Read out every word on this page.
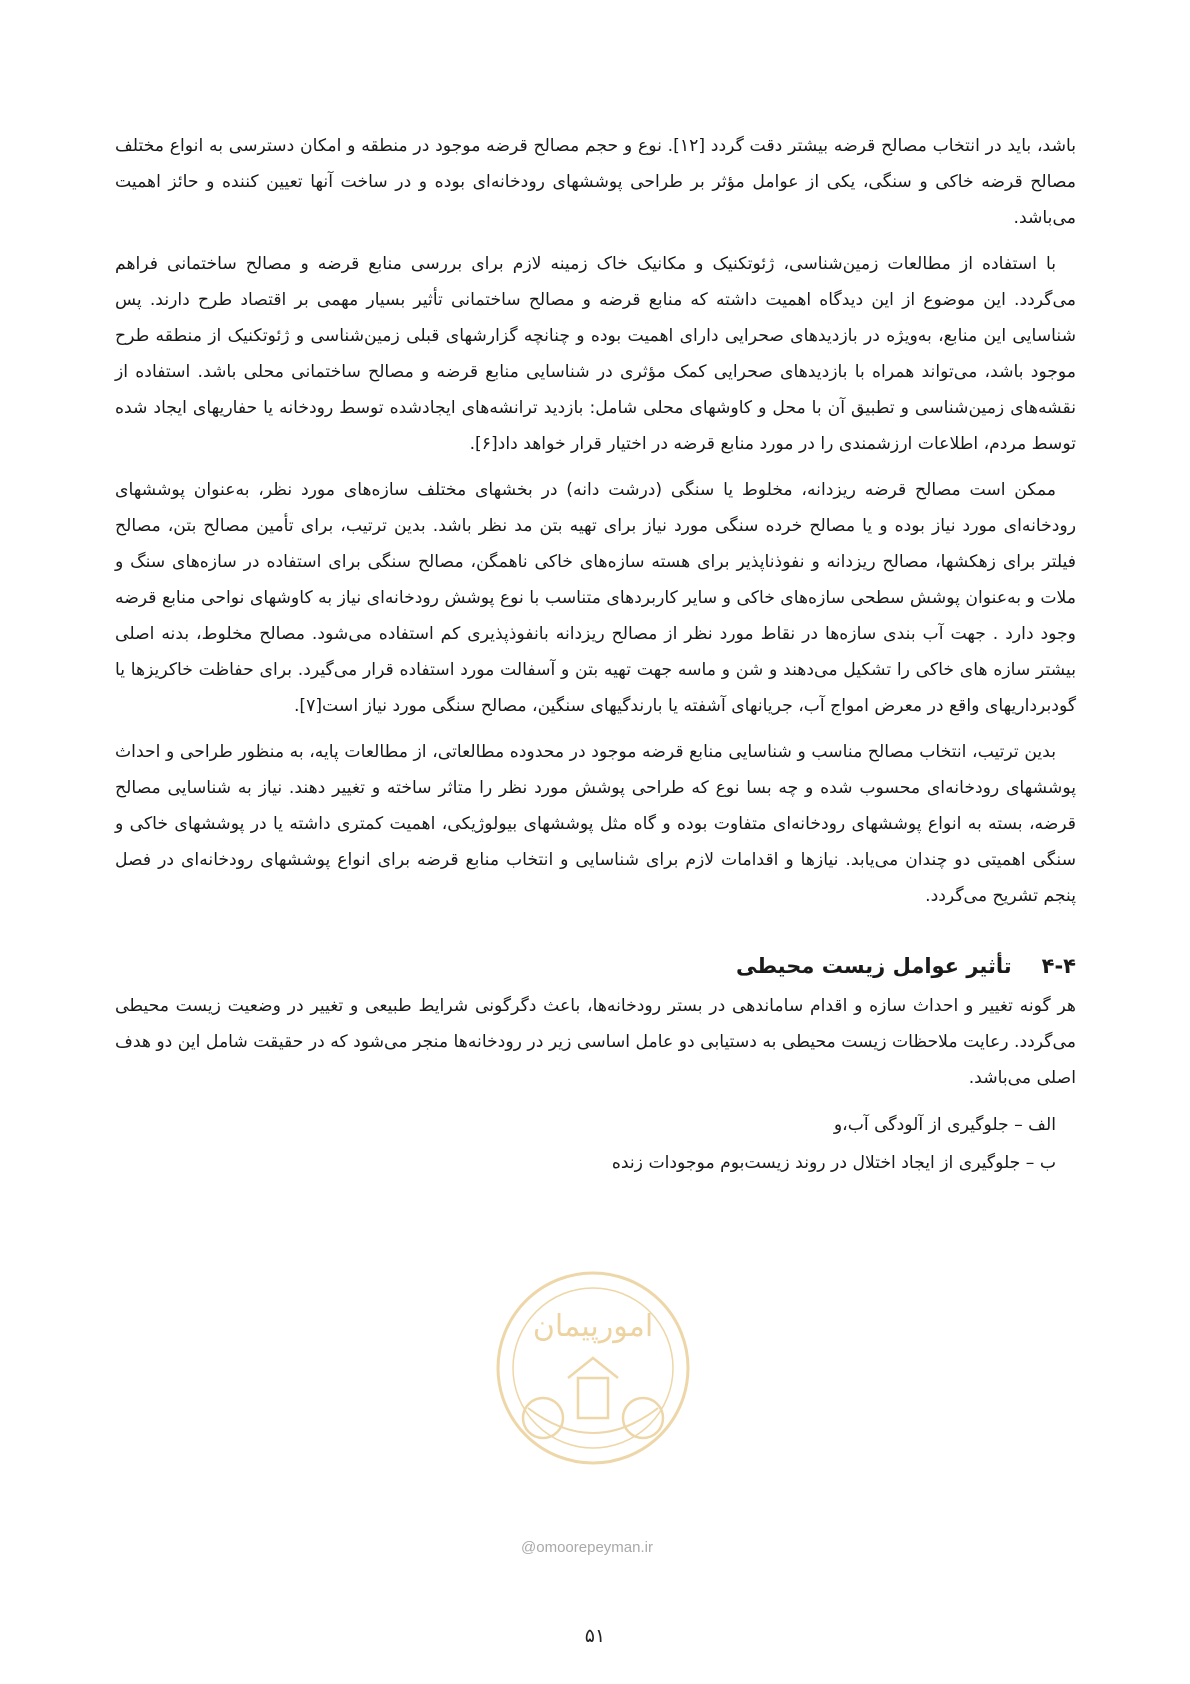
باشد، باید در انتخاب مصالح قرضه بیشتر دقت گردد [۱۲]. نوع و حجم مصالح قرضه موجود در منطقه و امکان دسترسی به انواع مختلف مصالح قرضه خاکی و سنگی، یکی از عوامل مؤثر بر طراحی پوششهای رودخانه‌ای بوده و در ساخت آنها تعیین کننده و حائز اهمیت می‌باشد.

با استفاده از مطالعات زمین‌شناسی، ژئوتکنیک و مکانیک خاک زمینه لازم برای بررسی منابع قرضه و مصالح ساختمانی فراهم می‌گردد. این موضوع از این دیدگاه اهمیت داشته که منابع قرضه و مصالح ساختمانی تأثیر بسیار مهمی بر اقتصاد طرح دارند. پس شناسایی این منابع، به‌ویژه در بازدیدهای صحرایی دارای اهمیت بوده و چنانچه گزارشهای قبلی زمین‌شناسی و ژئوتکنیک از منطقه طرح موجود باشد، می‌تواند همراه با بازدیدهای صحرایی کمک مؤثری در شناسایی منابع قرضه و مصالح ساختمانی محلی باشد. استفاده از نقشه‌های زمین‌شناسی و تطبیق آن با محل و کاوشهای محلی شامل: بازدید ترانشه‌های ایجادشده توسط رودخانه یا حفاریهای ایجاد شده توسط مردم، اطلاعات ارزشمندی را در مورد منابع قرضه در اختیار قرار خواهد داد[۶].

ممکن است مصالح قرضه ریزدانه، مخلوط یا سنگی (درشت دانه) در بخشهای مختلف سازه‌های مورد نظر، به‌عنوان پوششهای رودخانه‌ای مورد نیاز بوده و یا مصالح خرده سنگی مورد نیاز برای تهیه بتن مد نظر باشد. بدین ترتیب، برای تأمین مصالح بتن، مصالح فیلتر برای زهکشها، مصالح ریزدانه و نفوذناپذیر برای هسته سازه‌های خاکی ناهمگن، مصالح سنگی برای استفاده در سازه‌های سنگ و ملات و به‌عنوان پوشش سطحی سازه‌های خاکی و سایر کاربردهای متناسب با نوع پوشش رودخانه‌ای نیاز به کاوشهای نواحی منابع قرضه وجود دارد . جهت آب بندی سازه‌ها در نقاط مورد نظر از مصالح ریزدانه بانفوذپذیری کم استفاده می‌شود. مصالح مخلوط، بدنه اصلی بیشتر سازه های خاکی را تشکیل می‌دهند و شن و ماسه جهت تهیه بتن و آسفالت مورد استفاده قرار می‌گیرد. برای حفاظت خاکریزها یا گودبرداریهای واقع در معرض امواج آب، جریانهای آشفته یا بارندگیهای سنگین، مصالح سنگی مورد نیاز است[۷].

بدین ترتیب، انتخاب مصالح مناسب و شناسایی منابع قرضه موجود در محدوده مطالعاتی، از مطالعات پایه، به منظور طراحی و احداث پوششهای رودخانه‌ای محسوب شده و چه بسا نوع که طراحی پوشش مورد نظر را متاثر ساخته و تغییر دهند. نیاز به شناسایی مصالح قرضه، بسته به انواع پوششهای رودخانه‌ای متفاوت بوده و گاه مثل پوششهای بیولوژیکی، اهمیت کمتری داشته یا در پوششهای خاکی و سنگی اهمیتی دو چندان می‌یابد. نیازها و اقدامات لازم برای شناسایی و انتخاب منابع قرضه برای انواع پوششهای رودخانه‌ای در فصل پنجم تشریح می‌گردد.

۴-۴
تأثیر عوامل زیست محیطی

هر گونه تغییر و احداث سازه و اقدام ساماندهی در بستر رودخانه‌ها، باعث دگرگونی شرایط طبیعی و تغییر در وضعیت زیست محیطی می‌گردد. رعایت ملاحظات زیست محیطی به دستیابی دو عامل اساسی زیر در رودخانه‌ها منجر می‌شود که در حقیقت شامل این دو هدف اصلی می‌باشد.

الف – جلوگیری از آلودگی آب،و
ب – جلوگیری از ایجاد اختلال در روند زیست‌بوم موجودات زنده
امورپیمان
@omoorepeyman.ir
۵۱
